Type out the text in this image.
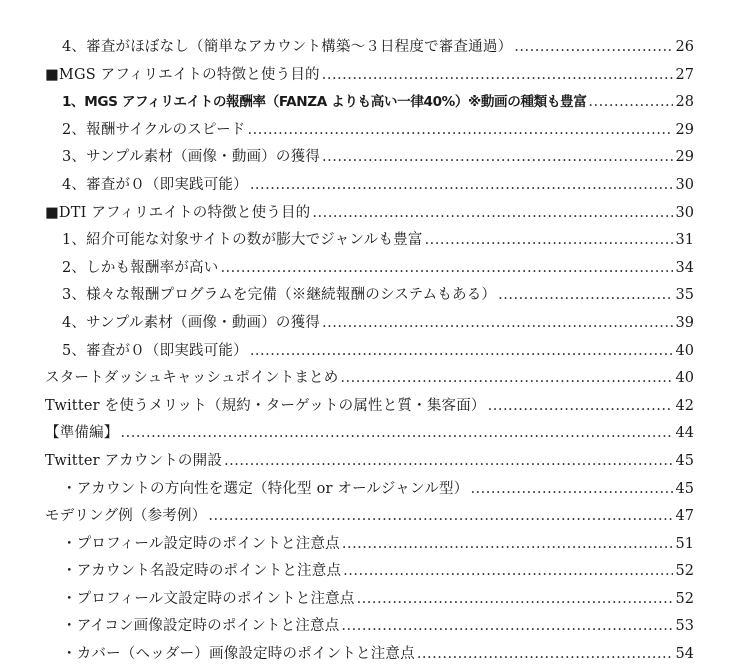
4、審査がほぼなし（簡単なアカウント構築〜３日程度で審査通過） .....	26
■MGS アフィリエイトの特徴と使う目的 .....	27
1、MGS アフィリエイトの報酬率（FANZA よりも高い一律40%）※動画の種類も豊富 .....	28
2、報酬サイクルのスピード .....	29
3、サンプル素材（画像・動画）の獲得 .....	29
4、審査が０（即実践可能） .....	30
■DTI アフィリエイトの特徴と使う目的 .....	30
1、紹介可能な対象サイトの数が膨大でジャンルも豊富 .....	31
2、しかも報酬率が高い .....	34
3、様々な報酬プログラムを完備（※継続報酬のシステムもある） .....	35
4、サンプル素材（画像・動画）の獲得 .....	39
5、審査が０（即実践可能） .....	40
スタートダッシュキャッシュポイントまとめ .....	40
Twitter を使うメリット（規約・ターゲットの属性と質・集客面） .....	42
【準備編】 .....	44
Twitter アカウントの開設 .....	45
・アカウントの方向性を選定（特化型 or オールジャンル型） .....	45
モデリング例（参考例） .....	47
・プロフィール設定時のポイントと注意点 .....	51
・アカウント名設定時のポイントと注意点 .....	52
・プロフィール文設定時のポイントと注意点 .....	52
・アイコン画像設定時のポイントと注意点 .....	53
・カバー（ヘッダー）画像設定時のポイントと注意点 .....	54
